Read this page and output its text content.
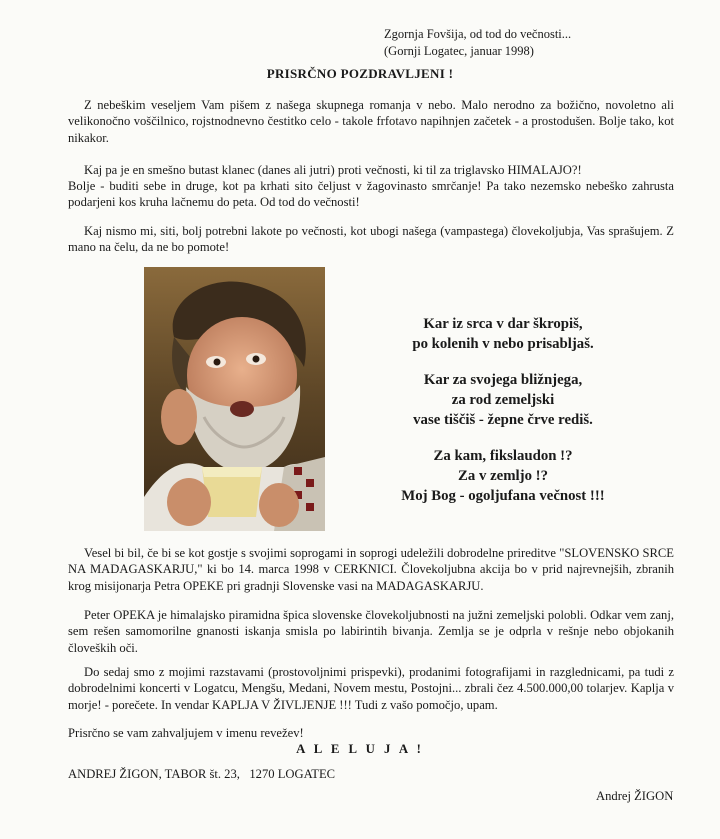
Zgornja Fovšija, od tod do večnosti...
(Gornji Logatec, januar 1998)
PRISRČNO POZDRAVLJENI !

Z nebeškim veseljem Vam pišem z našega skupnega romanja v nebo. Malo nerodno za božično, novoletno ali velikonočno voščilnico, rojstnodnevno čestitko celo - takole frfotavo napihnjen začetek - a prostodušen. Bolje tako, kot nikakor.

Kaj pa je en smešno butast klanec (danes ali jutri) proti večnosti, ki til za triglavsko HIMALAJO?!

Bolje - buditi sebe in druge, kot pa krhati sito čeljust v žagovinasto smrčanje! Pa tako nezemsko nebeško zahrusta podarjeni kos kruha lačnemu do peta. Od tod do večnosti!

Kaj nismo mi, siti, bolj potrebni lakote po večnosti, kot ubogi našega (vampastega) človekoljubja, Vas sprašujem. Z mano na čelu, da ne bo pomote!

Kar iz srca v dar škropiš,
po kolenih v nebo prisabljaš.

Kar za svojega bližnjega,
za rod zemeljski
vase tiščiš - žepne črve rediš.

Za kam, fikslaudon !?
Za v zemljo !?
Moj Bog - ogoljufana večnost !!!

Vesel bi bil, če bi se kot gostje s svojimi soprogami in soprogi udeležili dobrodelne prireditve "SLOVENSKO SRCE NA MADAGASKARJU," ki bo 14. marca 1998 v CERKNICI. Človekoljubna akcija bo v prid najrevnejših, zbranih krog misijonarja Petra OPEKE pri gradnji Slovenske vasi na MADAGASKARJU.

Peter OPEKA je himalajsko piramidna špica slovenske človekoljubnosti na južni zemeljski polobli. Odkar vem zanj, sem rešen samomorilne gnanosti iskanja smisla po labirintih bivanja. Zemlja se je odprla v rešnje nebo objokanih človeških oči.

Do sedaj smo z mojimi razstavami (prostovoljnimi prispevki), prodanimi fotografijami in razglednicami, pa tudi z dobrodelnimi koncerti v Logatcu, Mengšu, Medani, Novem mestu, Postojni... zbrali čez 4.500.000,00 tolarjev. Kaplja v morje! - porečete. In vendar KAPLJA V ŽIVLJENJE !!! Tudi z vašo pomočjo, upam.

Prisrčno se vam zahvaljujem v imenu revežev!

A L E L U J A !
ANDREJ ŽIGON, TABOR št. 23,   1270 LOGATEC
Andrej ŽIGON
